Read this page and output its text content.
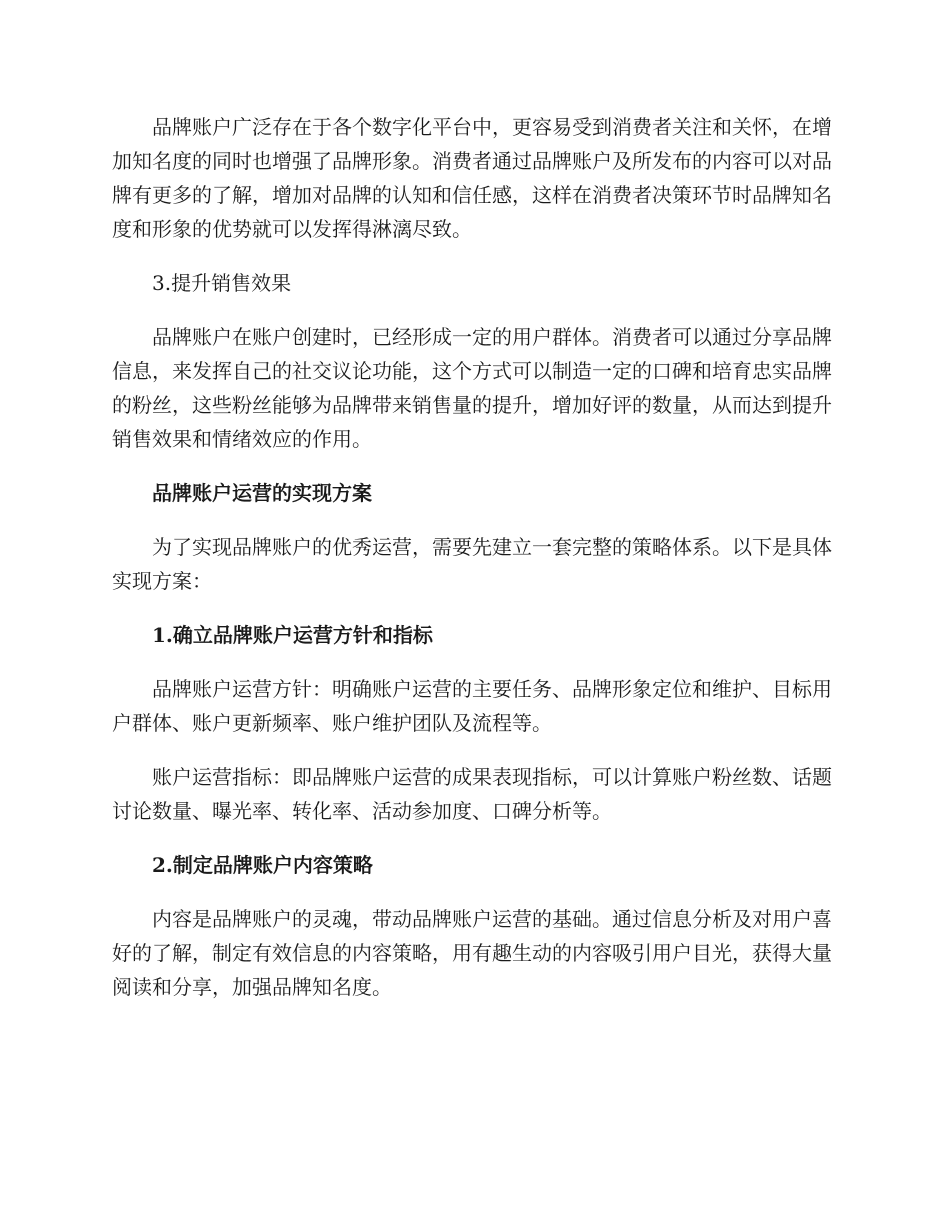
品牌账户广泛存在于各个数字化平台中，更容易受到消费者关注和关怀，在增加知名度的同时也增强了品牌形象。消费者通过品牌账户及所发布的内容可以对品牌有更多的了解，增加对品牌的认知和信任感，这样在消费者决策环节时品牌知名度和形象的优势就可以发挥得淋漓尽致。

3.提升销售效果

品牌账户在账户创建时，已经形成一定的用户群体。消费者可以通过分享品牌信息，来发挥自己的社交议论功能，这个方式可以制造一定的口碑和培育忠实品牌的粉丝，这些粉丝能够为品牌带来销售量的提升，增加好评的数量，从而达到提升销售效果和情绪效应的作用。

品牌账户运营的实现方案

为了实现品牌账户的优秀运营，需要先建立一套完整的策略体系。以下是具体实现方案：

1.确立品牌账户运营方针和指标

品牌账户运营方针：明确账户运营的主要任务、品牌形象定位和维护、目标用户群体、账户更新频率、账户维护团队及流程等。

账户运营指标：即品牌账户运营的成果表现指标，可以计算账户粉丝数、话题讨论数量、曝光率、转化率、活动参加度、口碑分析等。

2.制定品牌账户内容策略

内容是品牌账户的灵魂，带动品牌账户运营的基础。通过信息分析及对用户喜好的了解，制定有效信息的内容策略，用有趣生动的内容吸引用户目光，获得大量阅读和分享，加强品牌知名度。
